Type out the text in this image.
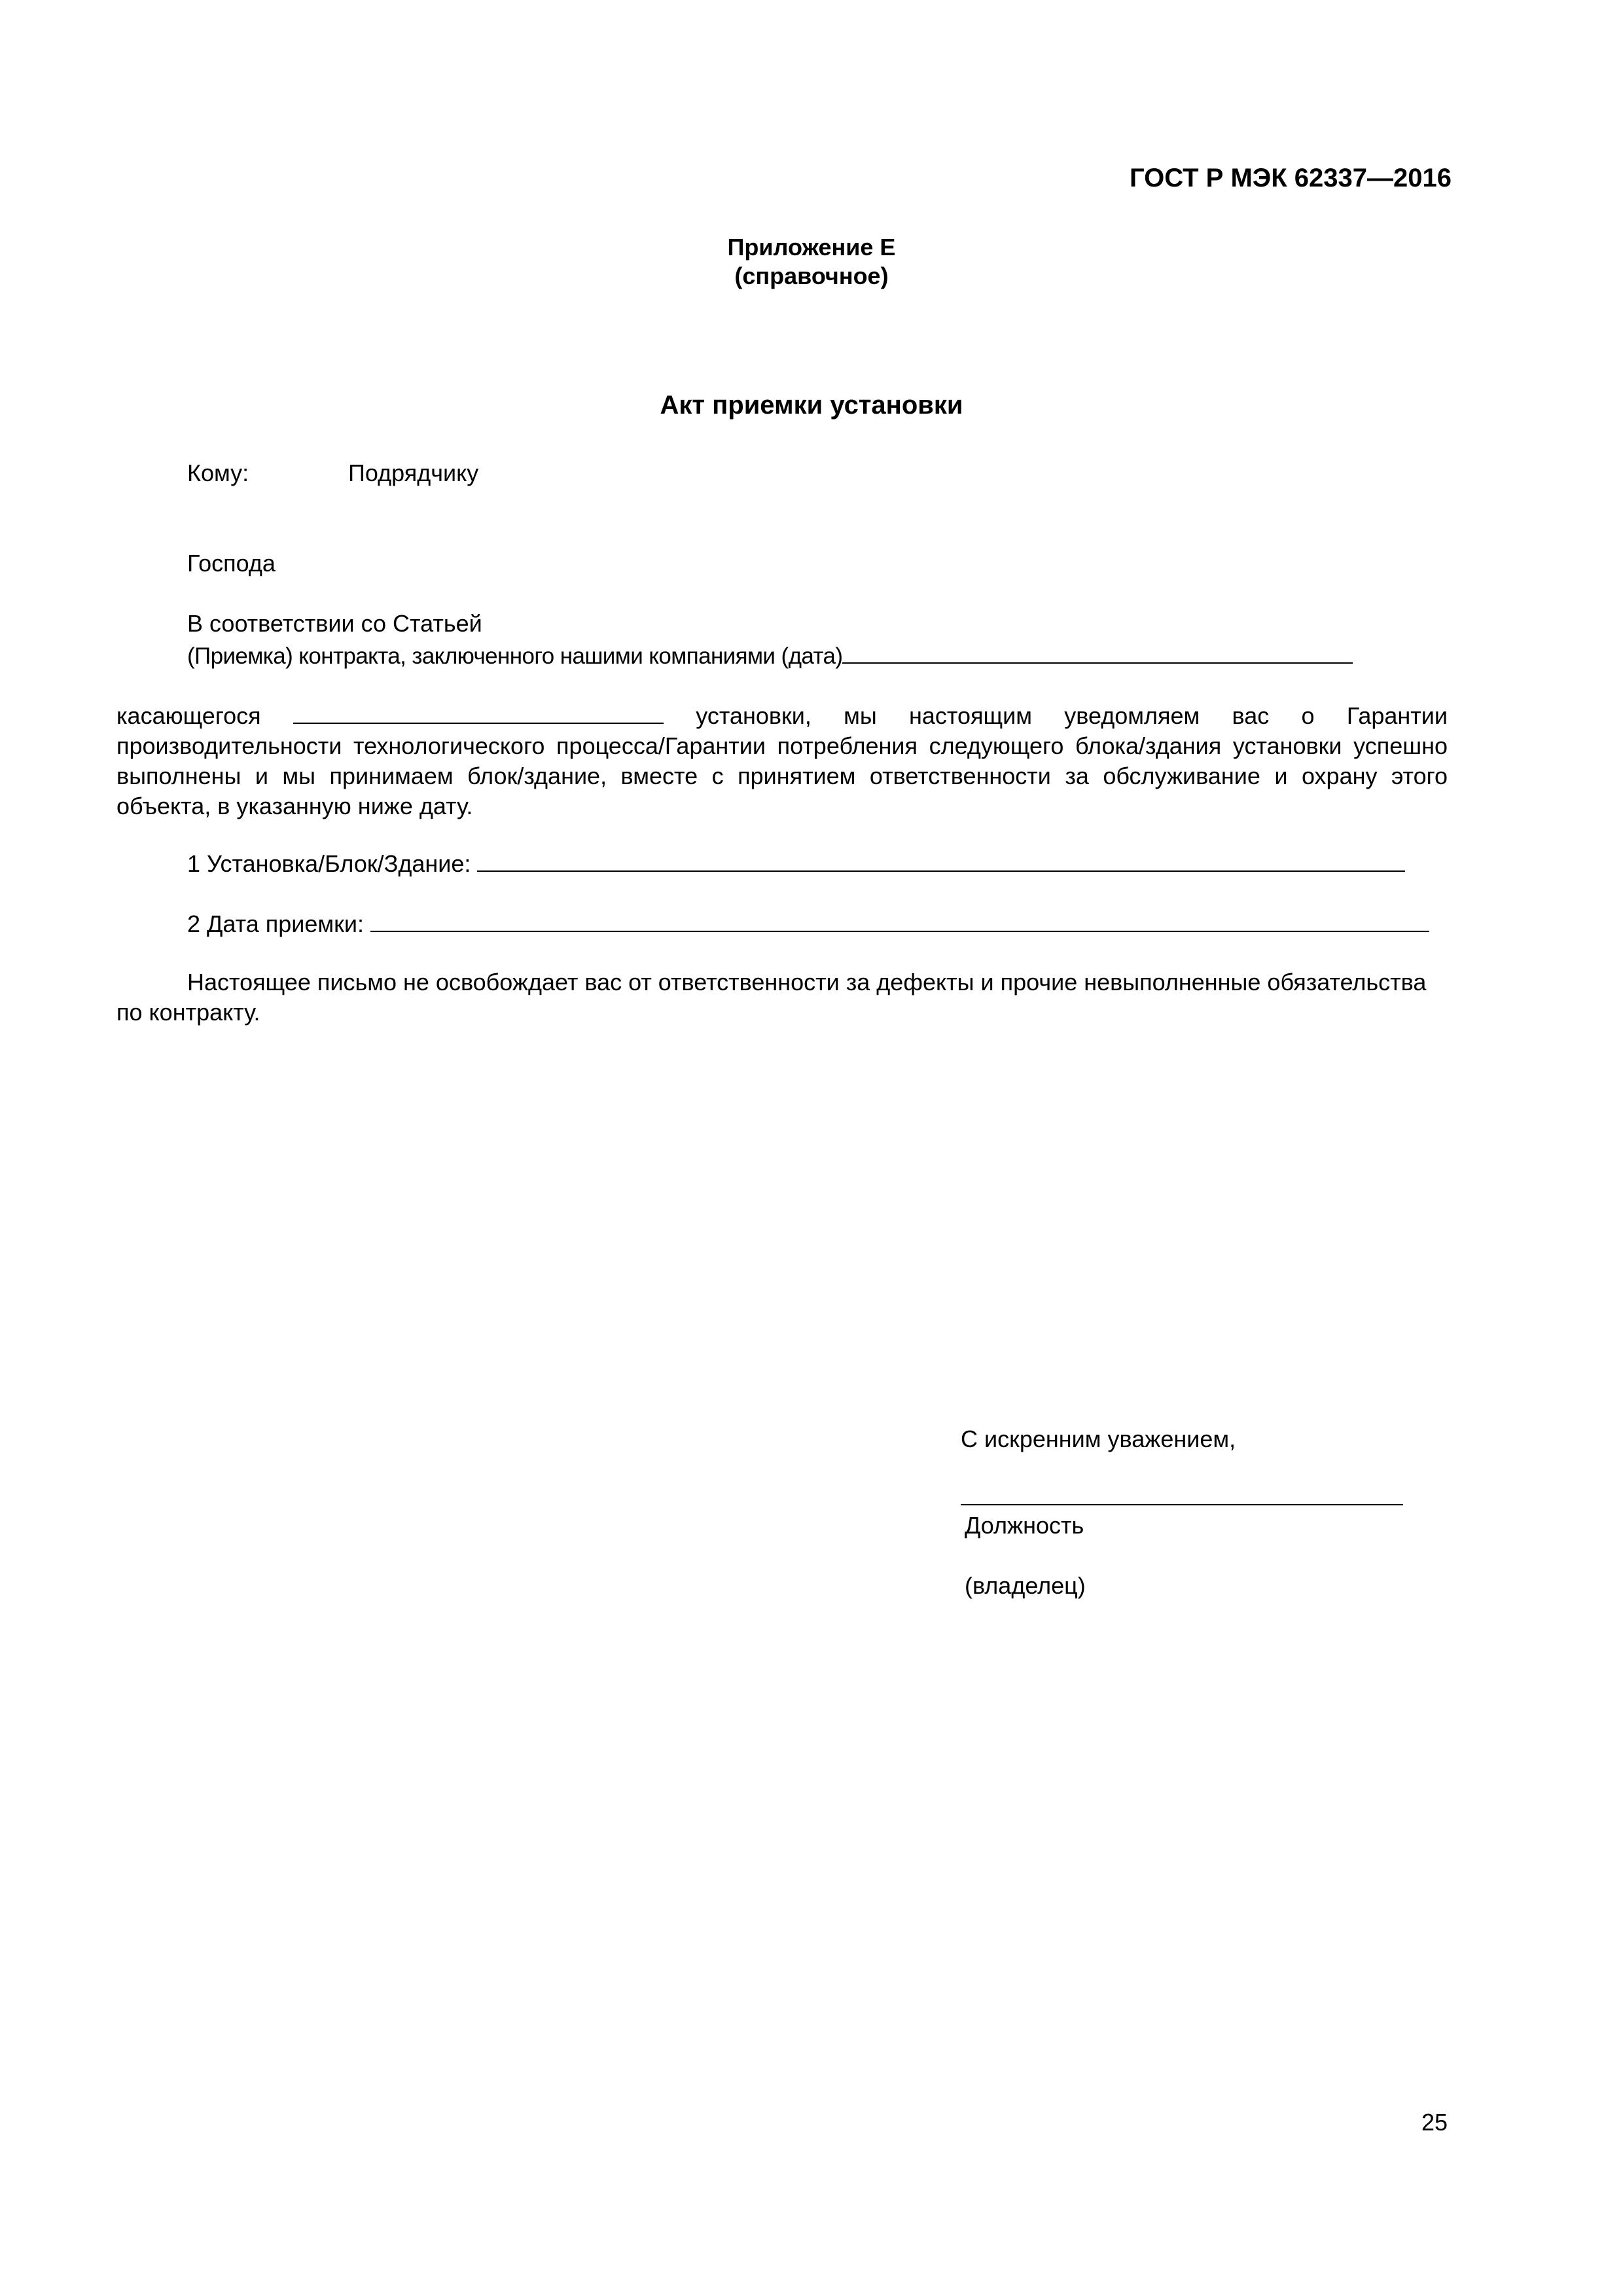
ГОСТ Р МЭК 62337—2016
Приложение Е
(справочное)
Акт приемки установки
Кому:	Подрядчику
Господа
В соответствии со Статьей
(Приемка) контракта, заключенного нашими компаниями (дата)
касающегося	установки, мы настоящим уведомляем вас о Гарантии производительности технологического процесса/Гарантии потребления следующего блока/здания установки успешно выполнены и мы принимаем блок/здание, вместе с принятием ответственности за обслуживание и охрану этого объекта, в указанную ниже дату.
1 Установка/Блок/Здание:
2 Дата приемки:
Настоящее письмо не освобождает вас от ответственности за дефекты и прочие невыполненные обязательства по контракту.
С искренним уважением,
Должность
(владелец)
25
